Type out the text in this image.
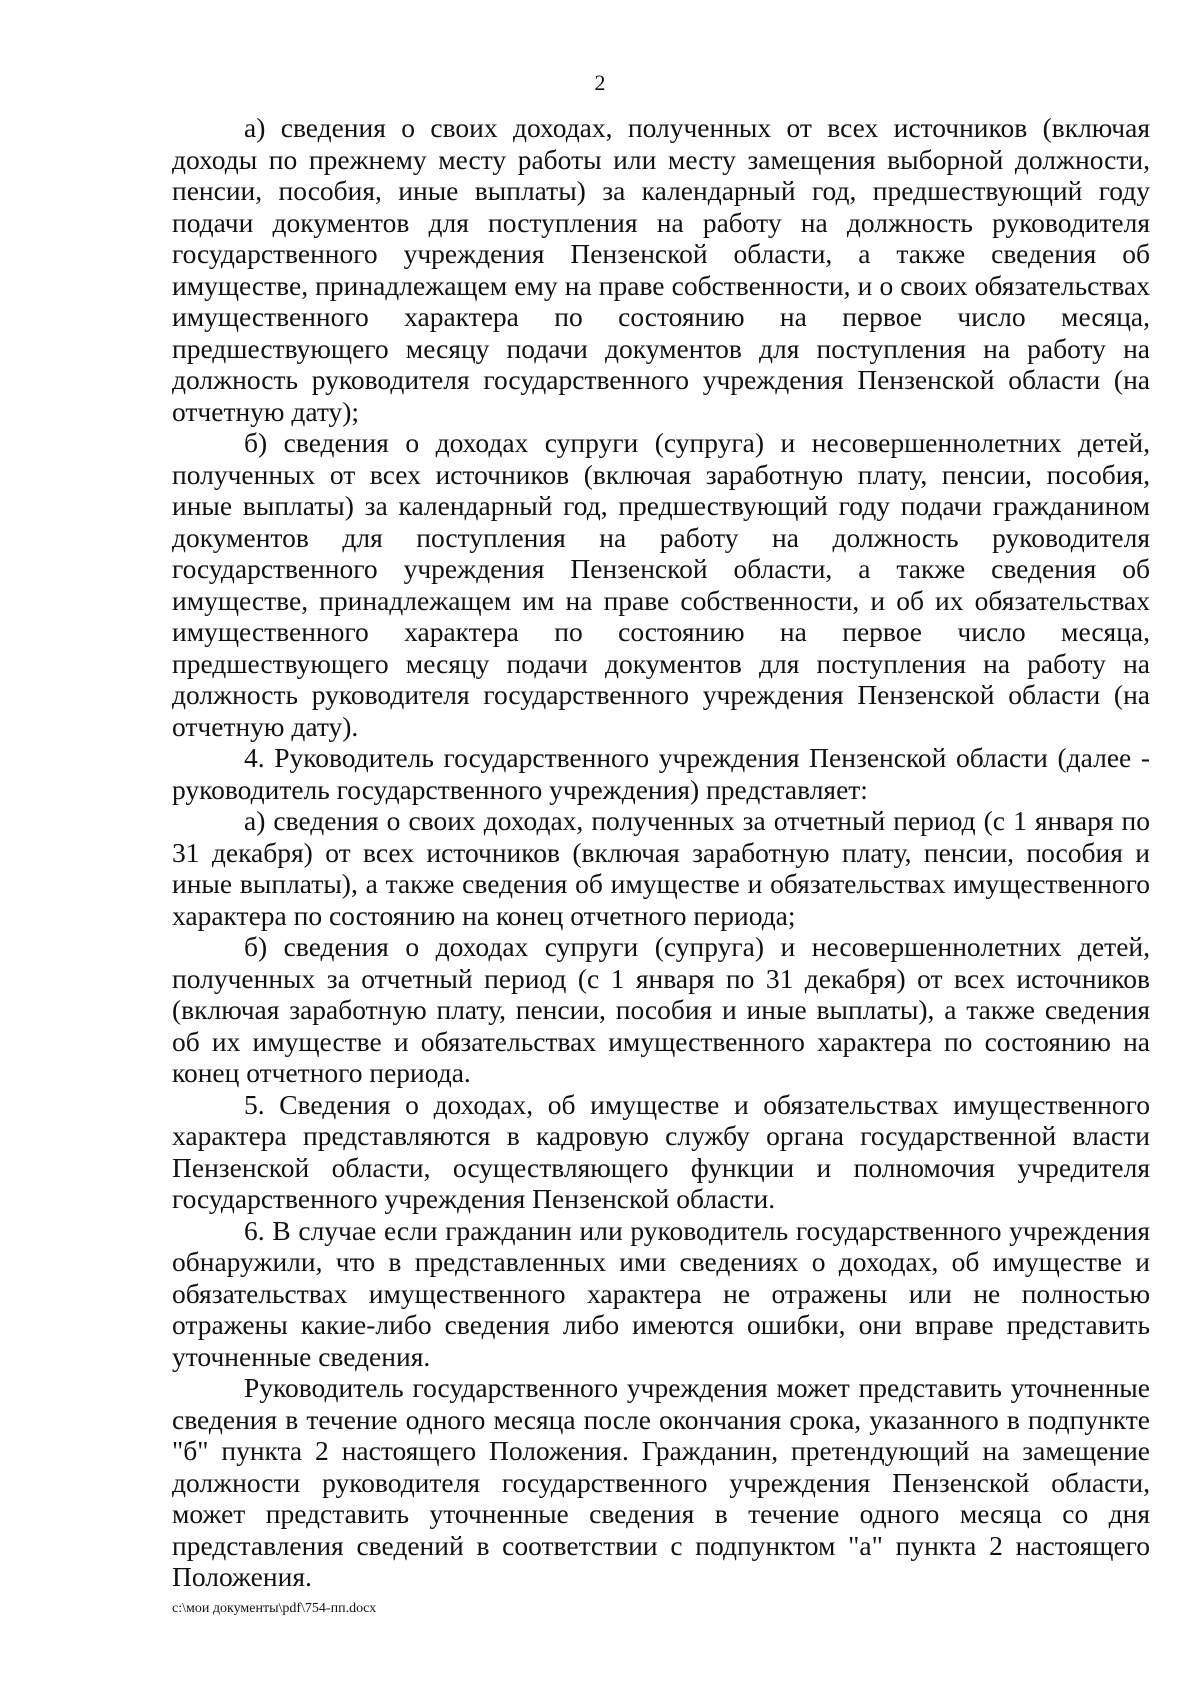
2

а) сведения о своих доходах, полученных от всех источников (включая доходы по прежнему месту работы или месту замещения выборной должности, пенсии, пособия, иные выплаты) за календарный год, предшествующий году подачи документов для поступления на работу на должность руководителя государственного учреждения Пензенской области, а также сведения об имуществе, принадлежащем ему на праве собственности, и о своих обязательствах имущественного характера по состоянию на первое число месяца, предшествующего месяцу подачи документов для поступления на работу на должность руководителя государственного учреждения Пензенской области (на отчетную дату);

б) сведения о доходах супруги (супруга) и несовершеннолетних детей, полученных от всех источников (включая заработную плату, пенсии, пособия, иные выплаты) за календарный год, предшествующий году подачи гражданином документов для поступления на работу на должность руководителя государственного учреждения Пензенской области, а также сведения об имуществе, принадлежащем им на праве собственности, и об их обязательствах имущественного характера по состоянию на первое число месяца, предшествующего месяцу подачи документов для поступления на работу на должность руководителя государственного учреждения Пензенской области (на отчетную дату).

4. Руководитель государственного учреждения Пензенской области (далее - руководитель государственного учреждения) представляет:

а) сведения о своих доходах, полученных за отчетный период (с 1 января по 31 декабря) от всех источников (включая заработную плату, пенсии, пособия и иные выплаты), а также сведения об имуществе и обязательствах имущественного характера по состоянию на конец отчетного периода;

б) сведения о доходах супруги (супруга) и несовершеннолетних детей, полученных за отчетный период (с 1 января по 31 декабря) от всех источников (включая заработную плату, пенсии, пособия и иные выплаты), а также сведения об их имуществе и обязательствах имущественного характера по состоянию на конец отчетного периода.

5. Сведения о доходах, об имуществе и обязательствах имущественного характера представляются в кадровую службу органа государственной власти Пензенской области, осуществляющего функции и полномочия учредителя государственного учреждения Пензенской области.

6. В случае если гражданин или руководитель государственного учреждения обнаружили, что в представленных ими сведениях о доходах, об имуществе и обязательствах имущественного характера не отражены или не полностью отражены какие-либо сведения либо имеются ошибки, они вправе представить уточненные сведения.

Руководитель государственного учреждения может представить уточненные сведения в течение одного месяца после окончания срока, указанного в подпункте "б" пункта 2 настоящего Положения. Гражданин, претендующий на замещение должности руководителя государственного учреждения Пензенской области, может представить уточненные сведения в течение одного месяца со дня представления сведений в соответствии с подпунктом "а" пункта 2 настоящего Положения.

c:\мои документы\pdf\754-пп.docx
